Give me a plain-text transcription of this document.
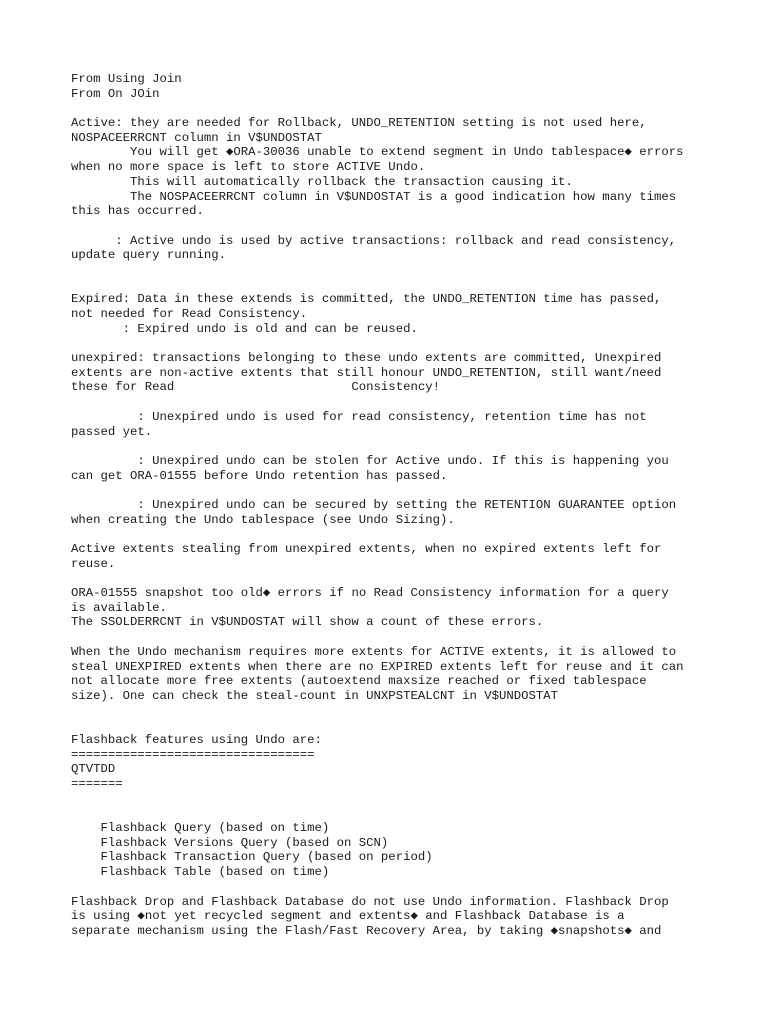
From Using Join
From On JOin
Active: they are needed for Rollback, UNDO_RETENTION setting is not used here,
NOSPACEERRCNT column in V$UNDOSTAT
You will get ◆ORA-30036 unable to extend segment in Undo tablespace◆ errors
when no more space is left to store ACTIVE Undo.
This will automatically rollback the transaction causing it.
The NOSPACEERRCNT column in V$UNDOSTAT is a good indication how many times
this has occurred.
: Active undo is used by active transactions: rollback and read consistency,
update query running.
Expired: Data in these extends is committed, the UNDO_RETENTION time has passed,
not needed for Read Consistency.
: Expired undo is old and can be reused.
unexpired: transactions belonging to these undo extents are committed, Unexpired
extents are non-active extents that still honour UNDO_RETENTION, still want/need
these for Read                        Consistency!
: Unexpired undo is used for read consistency, retention time has not
passed yet.
: Unexpired undo can be stolen for Active undo. If this is happening you
can get ORA-01555 before Undo retention has passed.
: Unexpired undo can be secured by setting the RETENTION GUARANTEE option
when creating the Undo tablespace (see Undo Sizing).
Active extents stealing from unexpired extents, when no expired extents left for
reuse.
ORA-01555 snapshot too old◆ errors if no Read Consistency information for a query
is available.
The SSOLDERRCNT in V$UNDOSTAT will show a count of these errors.
When the Undo mechanism requires more extents for ACTIVE extents, it is allowed to
steal UNEXPIRED extents when there are no EXPIRED extents left for reuse and it can
not allocate more free extents (autoextend maxsize reached or fixed tablespace
size). One can check the steal-count in UNXPSTEALCNT in V$UNDOSTAT
Flashback features using Undo are:
=================================
QTVTDD
=======
Flashback Query (based on time)
Flashback Versions Query (based on SCN)
Flashback Transaction Query (based on period)
Flashback Table (based on time)
Flashback Drop and Flashback Database do not use Undo information. Flashback Drop
is using ◆not yet recycled segment and extents◆ and Flashback Database is a
separate mechanism using the Flash/Fast Recovery Area, by taking ◆snapshots◆ and
